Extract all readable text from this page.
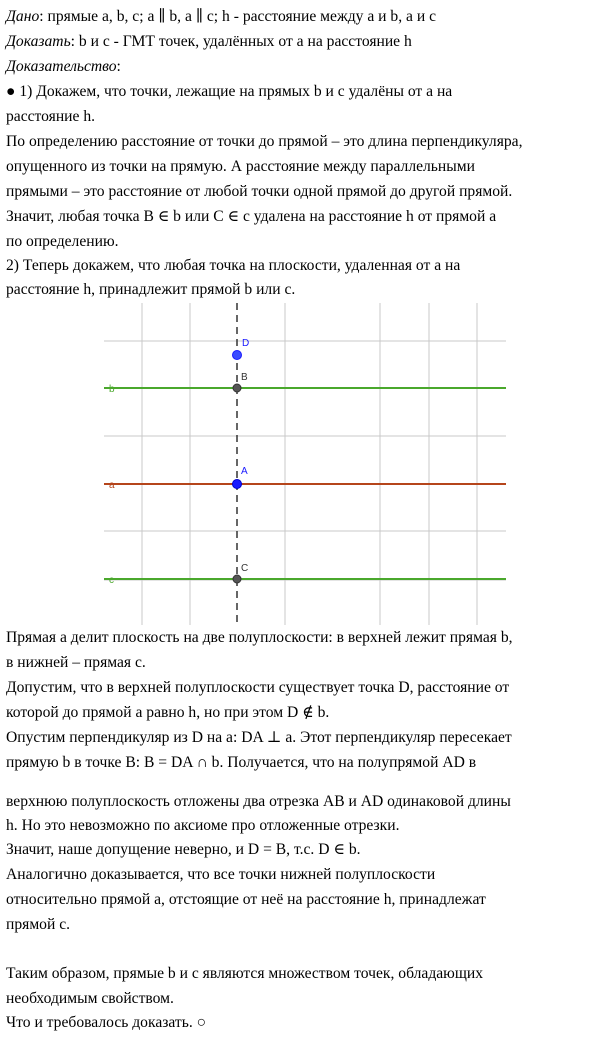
Дано: прямые a, b, c; a ∥ b, a ∥ c; h - расстояние между a и b, a и c
Доказать: b и c - ГМТ точек, удалённых от a на расстояние h
Доказательство:
● 1) Докажем, что точки, лежащие на прямых b и c удалёны от a на
расстояние h.
По определению расстояние от точки до прямой – это длина перпендикуляра,
опущенного из точки на прямую. А расстояние между параллельными
прямыми – это расстояние от любой точки одной прямой до другой прямой.
Значит, любая точка B ∈ b или C ∈ c удалена на расстояние h от прямой a
по определению.
2) Теперь докажем, что любая точка на плоскости, удаленная от a на
расстояние h, принадлежит прямой b или c.
b
a
c
D
B
A
C
Прямая a делит плоскость на две полуплоскости: в верхней лежит прямая b,
в нижней – прямая c.
Допустим, что в верхней полуплоскости существует точка D, расстояние от
которой до прямой a равно h, но при этом D ∉ b.
Опустим перпендикуляр из D на a: DA ⊥ a. Этот перпендикуляр пересекает
прямую b в точке B: B = DA ∩ b. Получается, что на полупрямой AD в
верхнюю полуплоскость отложены два отрезка AB и AD одинаковой длины
h. Но это невозможно по аксиоме про отложенные отрезки.
Значит, наше допущение неверно, и D = B, т.с. D ∈ b.
Аналогично доказывается, что все точки нижней полуплоскости
относительно прямой a, отстоящие от неё на расстояние h, принадлежат
прямой c.
Таким образом, прямые b и c являются множеством точек, обладающих
необходимым свойством.
Что и требовалось доказать. ○
